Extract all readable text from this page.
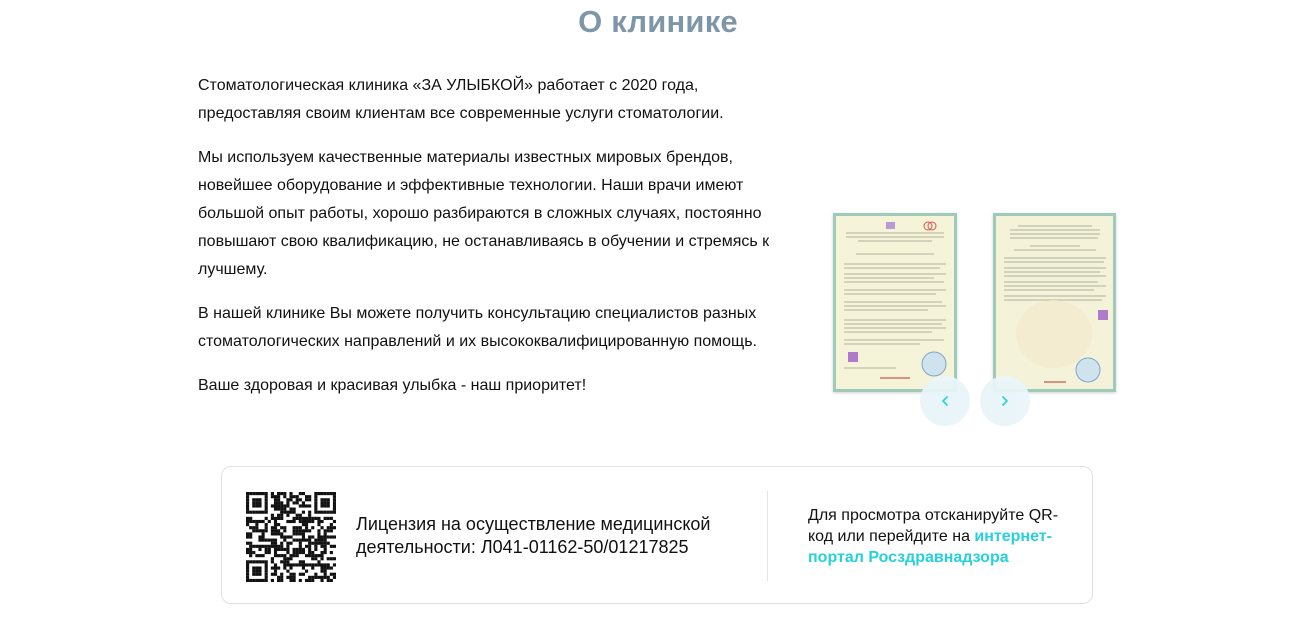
О клинике

Стоматологическая клиника «ЗА УЛЫБКОЙ» работает с 2020 года, предоставляя своим клиентам все современные услуги стоматологии.

Мы используем качественные материалы известных мировых брендов, новейшее оборудование и эффективные технологии. Наши врачи имеют большой опыт работы, хорошо разбираются в сложных случаях, постоянно повышают свою квалификацию, не останавливаясь в обучении и стремясь к лучшему.

В нашей клинике Вы можете получить консультацию специалистов разных стоматологических направлений и их высококвалифицированную помощь.

Ваше здоровая и красивая улыбка - наш приоритет!

Лицензия на осуществление медицинской деятельности: Л041-01162-50/01217825
Для просмотра отсканируйте QR-код или перейдите на интернет-портал Росздравнадзора
